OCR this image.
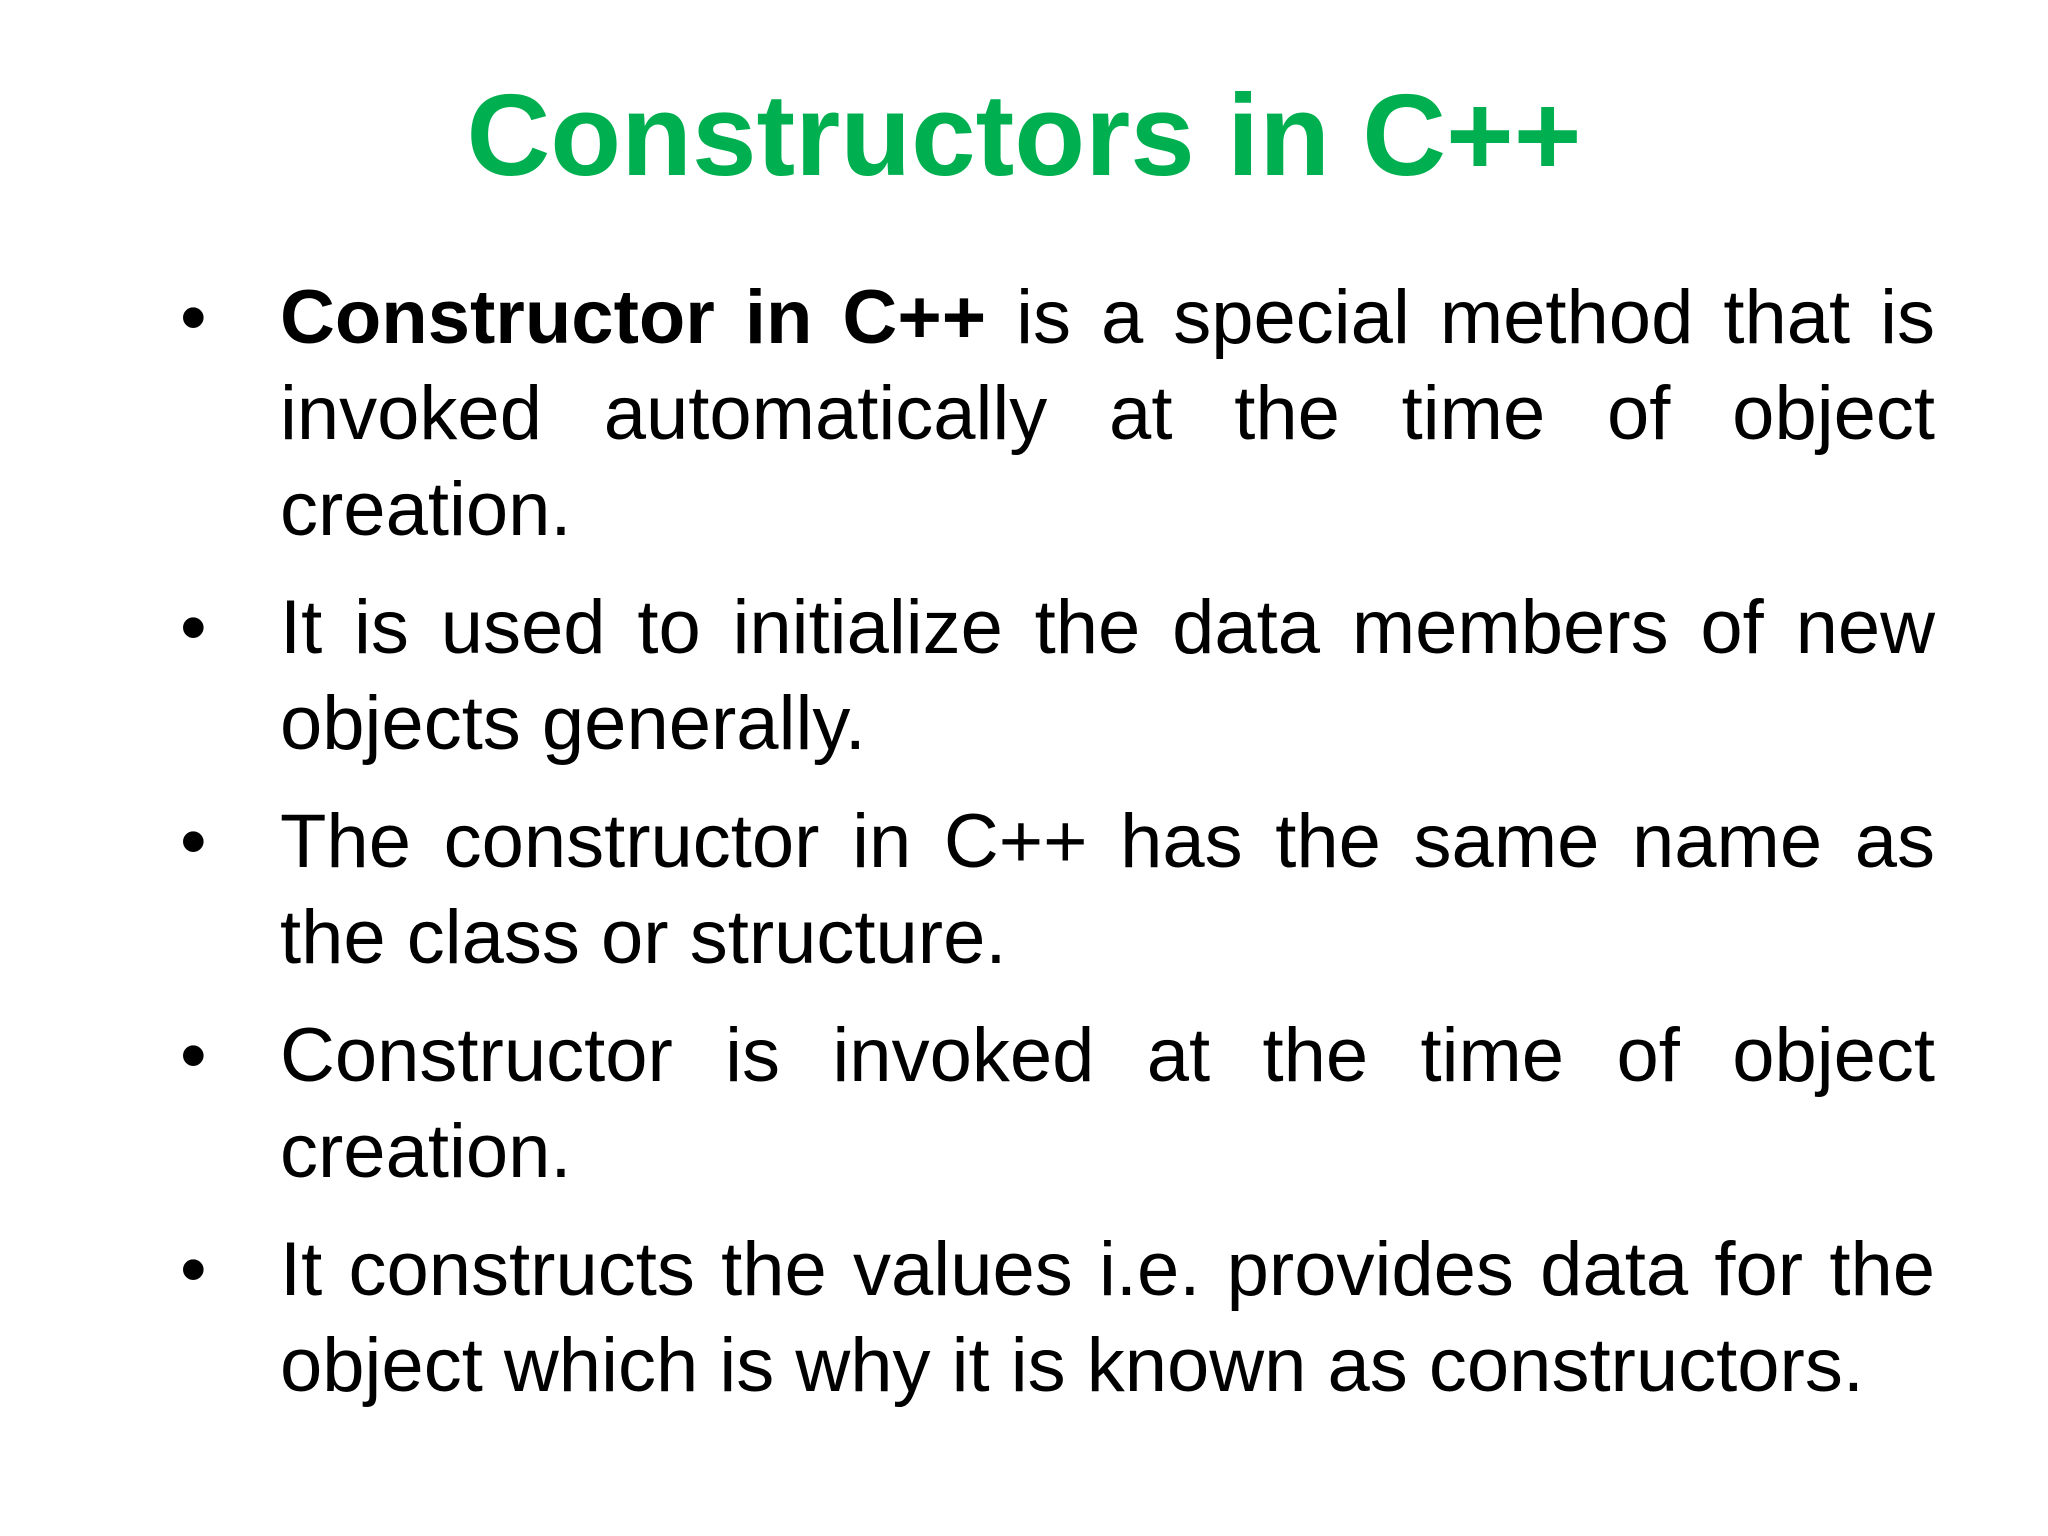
Constructors in C++
• Constructor in C++ is a special method that is invoked automatically at the time of object creation.
• It is used to initialize the data members of new objects generally.
• The constructor in C++ has the same name as the class or structure.
• Constructor is invoked at the time of object creation.
• It constructs the values i.e. provides data for the object which is why it is known as constructors.
